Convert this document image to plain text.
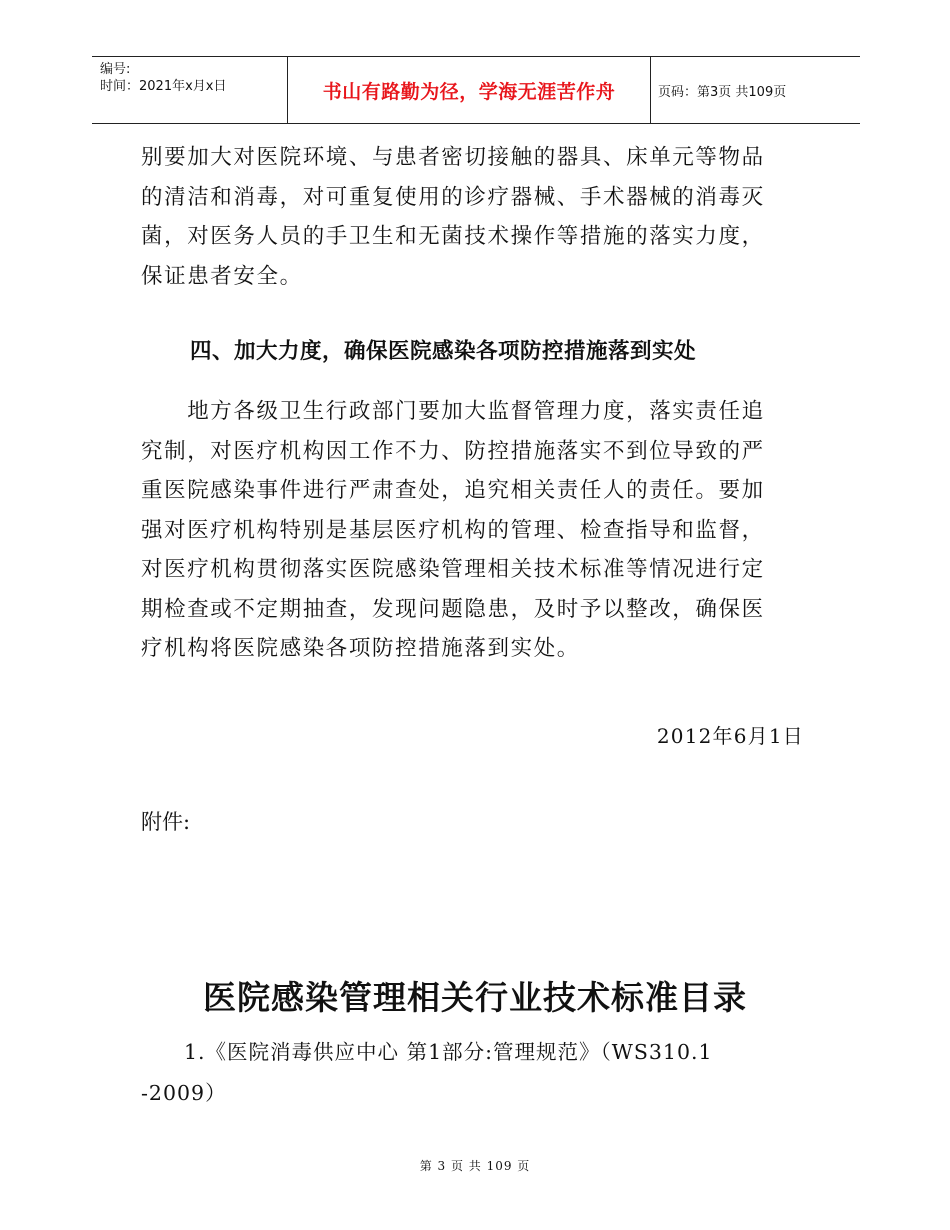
编号:
时间：2021年x月x日	书山有路勤为径，学海无涯苦作舟	页码：第3页 共109页
别要加大对医院环境、与患者密切接触的器具、床单元等物品
的清洁和消毒，对可重复使用的诊疗器械、手术器械的消毒灭
菌，对医务人员的手卫生和无菌技术操作等措施的落实力度，
保证患者安全。
四、加大力度，确保医院感染各项防控措施落到实处
　　地方各级卫生行政部门要加大监督管理力度，落实责任追
究制，对医疗机构因工作不力、防控措施落实不到位导致的严
重医院感染事件进行严肃查处，追究相关责任人的责任。要加
强对医疗机构特别是基层医疗机构的管理、检查指导和监督，
对医疗机构贯彻落实医院感染管理相关技术标准等情况进行定
期检查或不定期抽查，发现问题隐患，及时予以整改，确保医
疗机构将医院感染各项防控措施落到实处。
2012年6月1日
附件:
医院感染管理相关行业技术标准目录
　　1.《医院消毒供应中心 第1部分:管理规范》（WS310.1
-2009）
第 3 页 共 109 页
